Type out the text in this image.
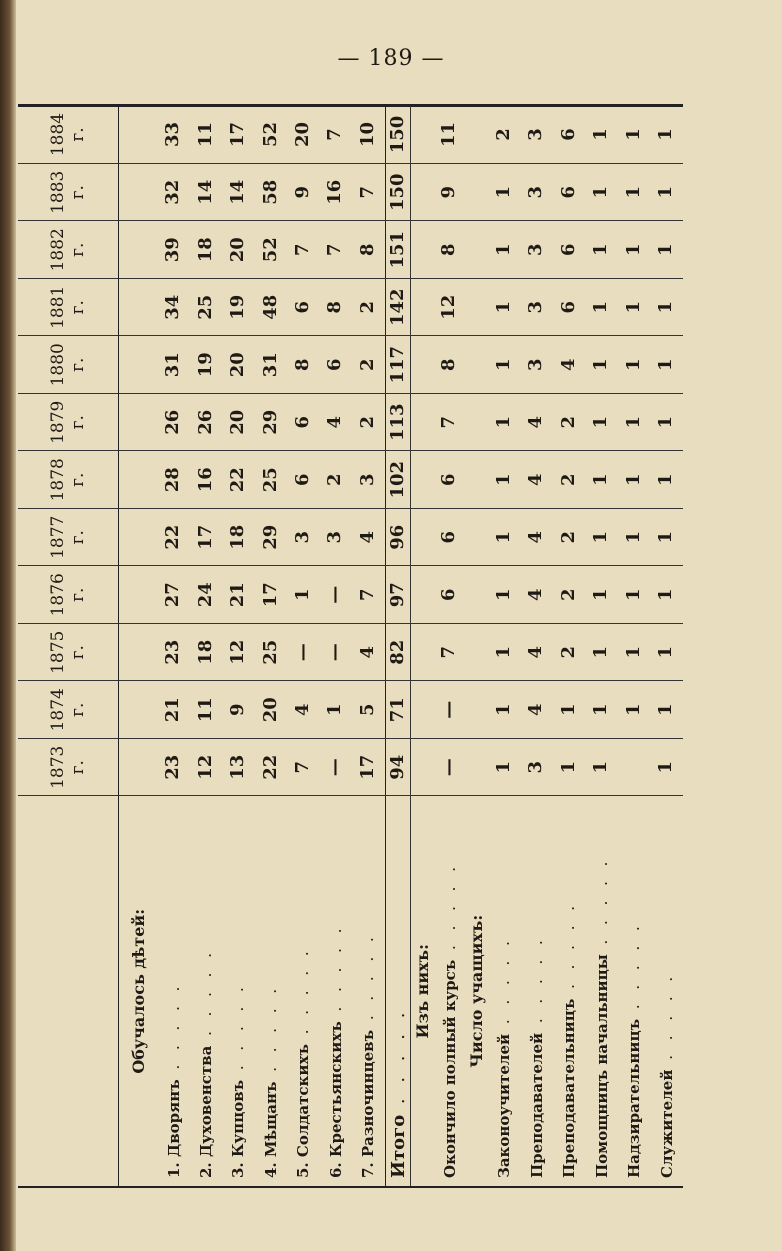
— 189 —
	1873 г.	1874 г.	1875 г.	1876 г.	1877 г.	1878 г.	1879 г.	1880 г.	1881 г.	1882 г.	1883 г.	1884 г.
Обучалось дѣтей:												
1. Дворянъ . . . . .	23	21	23	27	22	28	26	31	34	39	32	33
2. Духовенства . . . . .	12	11	18	24	17	16	26	19	25	18	14	11
3. Купцовъ . . . . .	13	9	12	21	18	22	20	20	19	20	14	17
4. Мѣщанъ . . . . .	22	20	25	17	29	25	29	31	48	52	58	52
5. Солдатскихъ . . . . .	7	4	—	1	3	6	6	8	6	7	9	20
6. Крестьянскихъ . . . . .	—	1	—	—	3	2	4	6	8	7	16	7
7. Разночинцевъ . . . . .	17	5	4	7	4	3	2	2	2	8	7	10
Итого . . . . .	94	71	82	97	96	102	113	117	142	151	150	150
Изъ нихъ:												
Окончило полный курсъ . . . . .	—	—	7	6	6	6	7	8	12	8	9	11
Число учащихъ:												
Законоучителей . . . . .	1	1	1	1	1	1	1	1	1	1	1	2
Преподавателей . . . . .	3	4	4	4	4	4	4	3	3	3	3	3
Преподавательницъ . . . . .	1	1	2	2	2	2	2	4	6	6	6	6
Помощницъ начальницы . . . . .	1	1	1	1	1	1	1	1	1	1	1	1
Надзирательницъ . . . . .		1	1	1	1	1	1	1	1	1	1	1
Служителей . . . . .	1	1	1	1	1	1	1	1	1	1	1	1
